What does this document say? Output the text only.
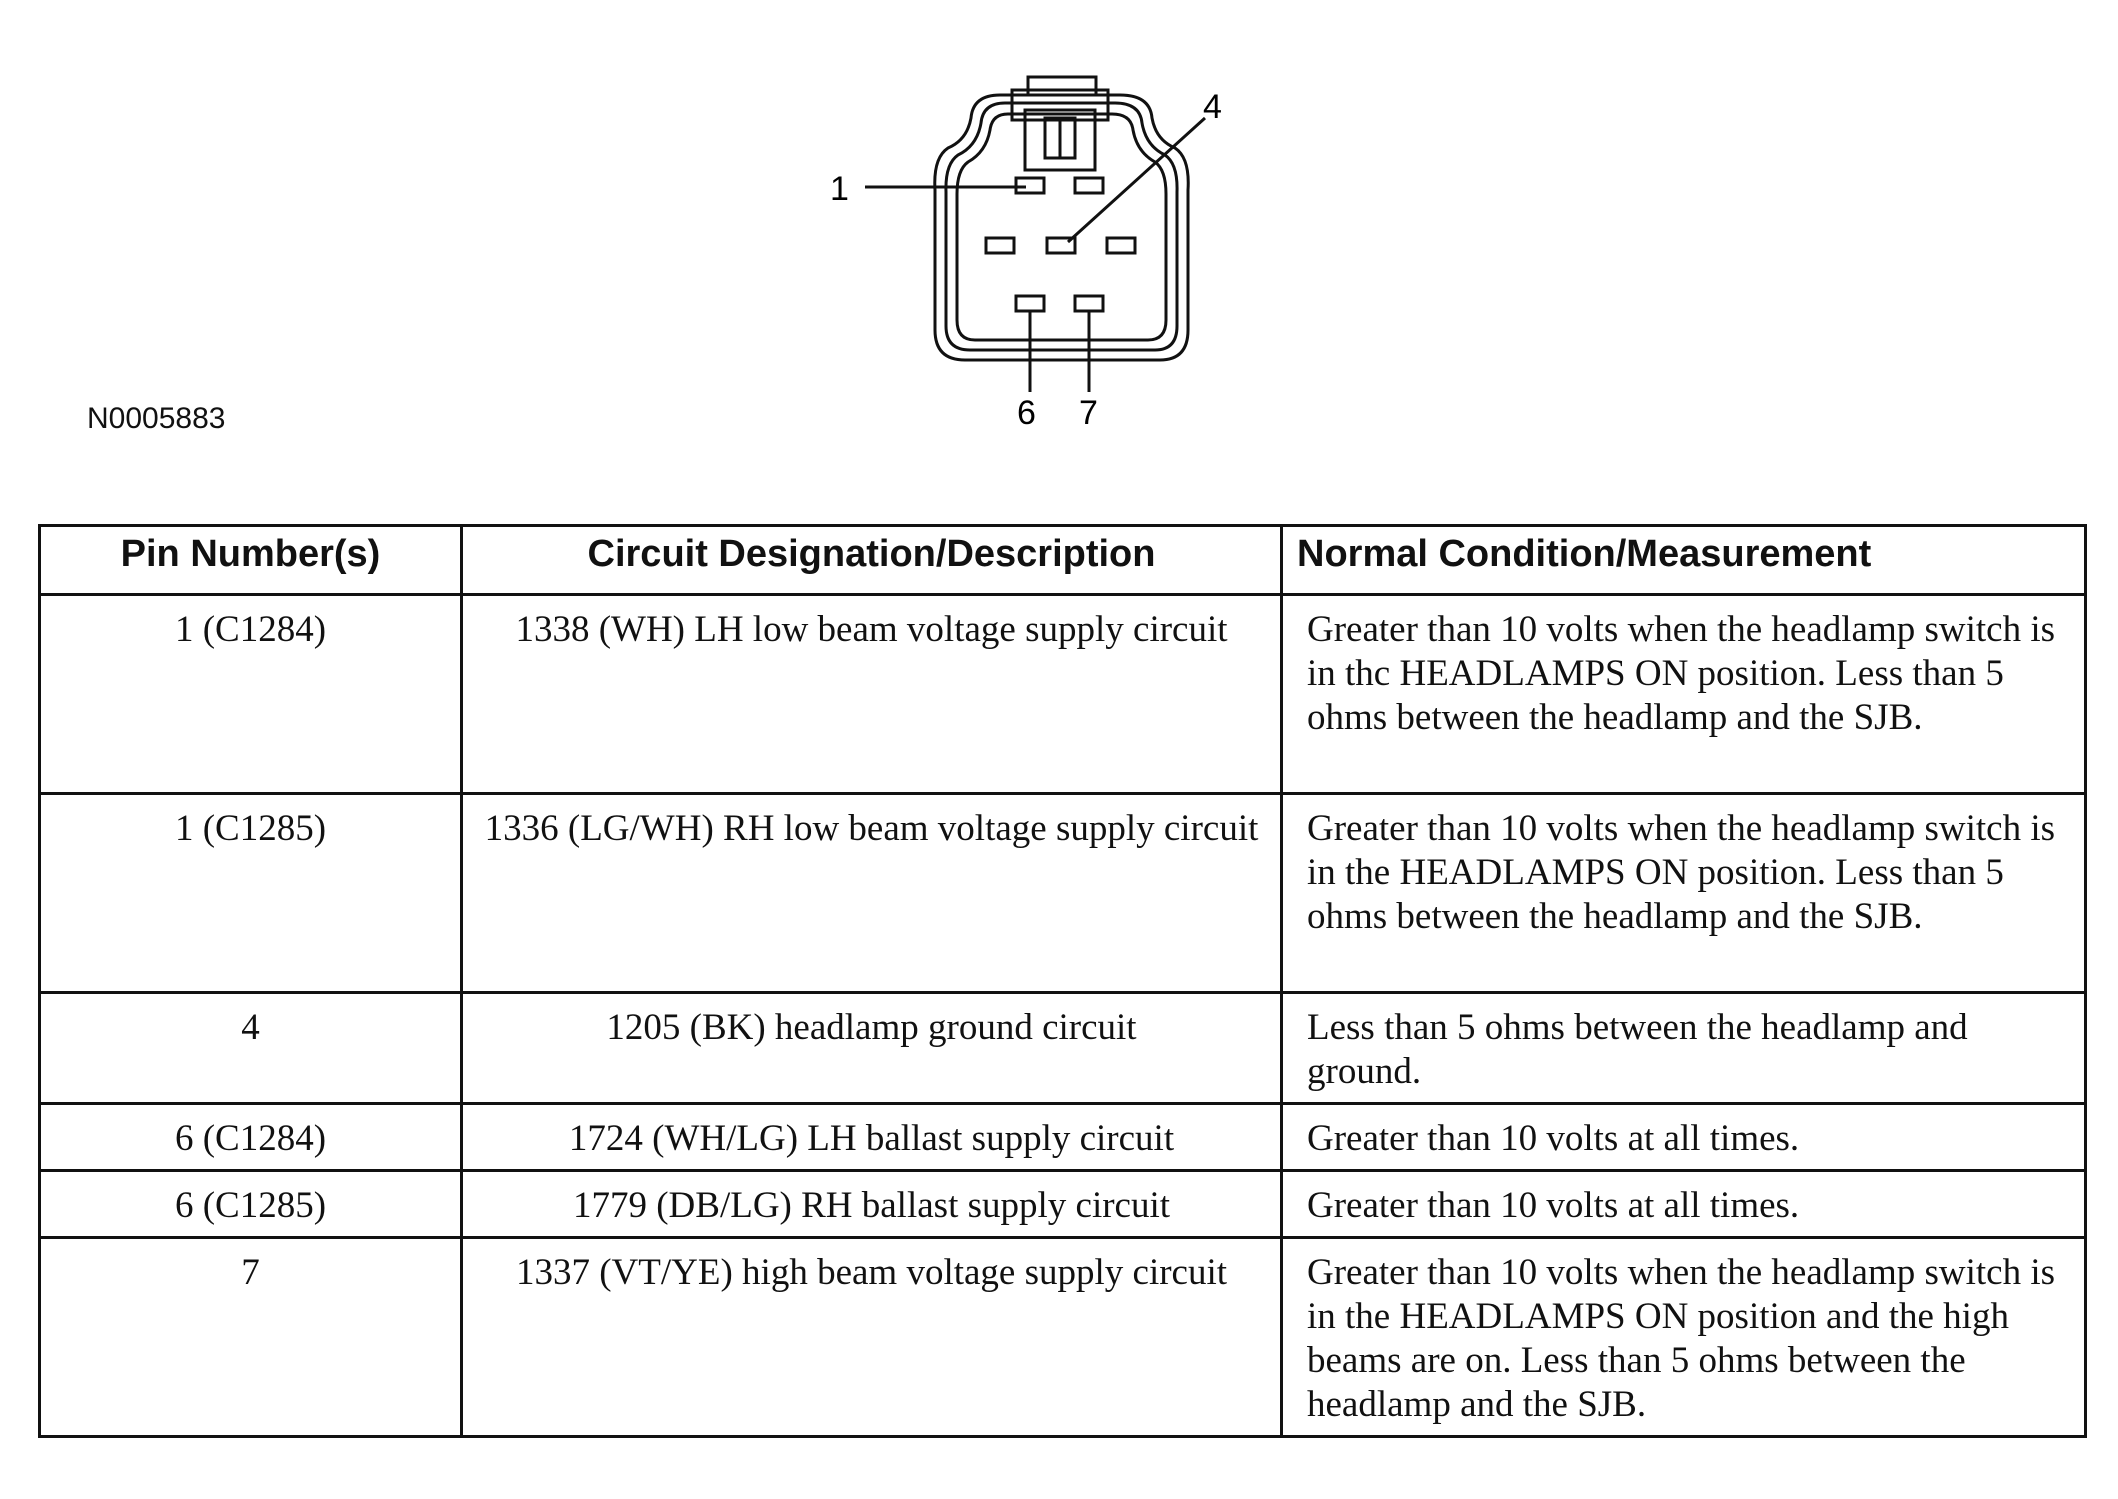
1
4
6 7
N0005883
Pin Number(s)	Circuit Designation/Description	Normal Condition/Measurement
1 (C1284)	1338 (WH) LH low beam voltage supply circuit	Greater than 10 volts when the headlamp switch is in thc HEADLAMPS ON position. Less than 5 ohms between the headlamp and the SJB.
1 (C1285)	1336 (LG/WH) RH low beam voltage supply circuit	Greater than 10 volts when the headlamp switch is in the HEADLAMPS ON position. Less than 5 ohms between the headlamp and the SJB.
4	1205 (BK) headlamp ground circuit	Less than 5 ohms between the headlamp and ground.
6 (C1284)	1724 (WH/LG) LH ballast supply circuit	Greater than 10 volts at all times.
6 (C1285)	1779 (DB/LG) RH ballast supply circuit	Greater than 10 volts at all times.
7	1337 (VT/YE) high beam voltage supply circuit	Greater than 10 volts when the headlamp switch is in the HEADLAMPS ON position and the high beams are on. Less than 5 ohms between the headlamp and the SJB.
